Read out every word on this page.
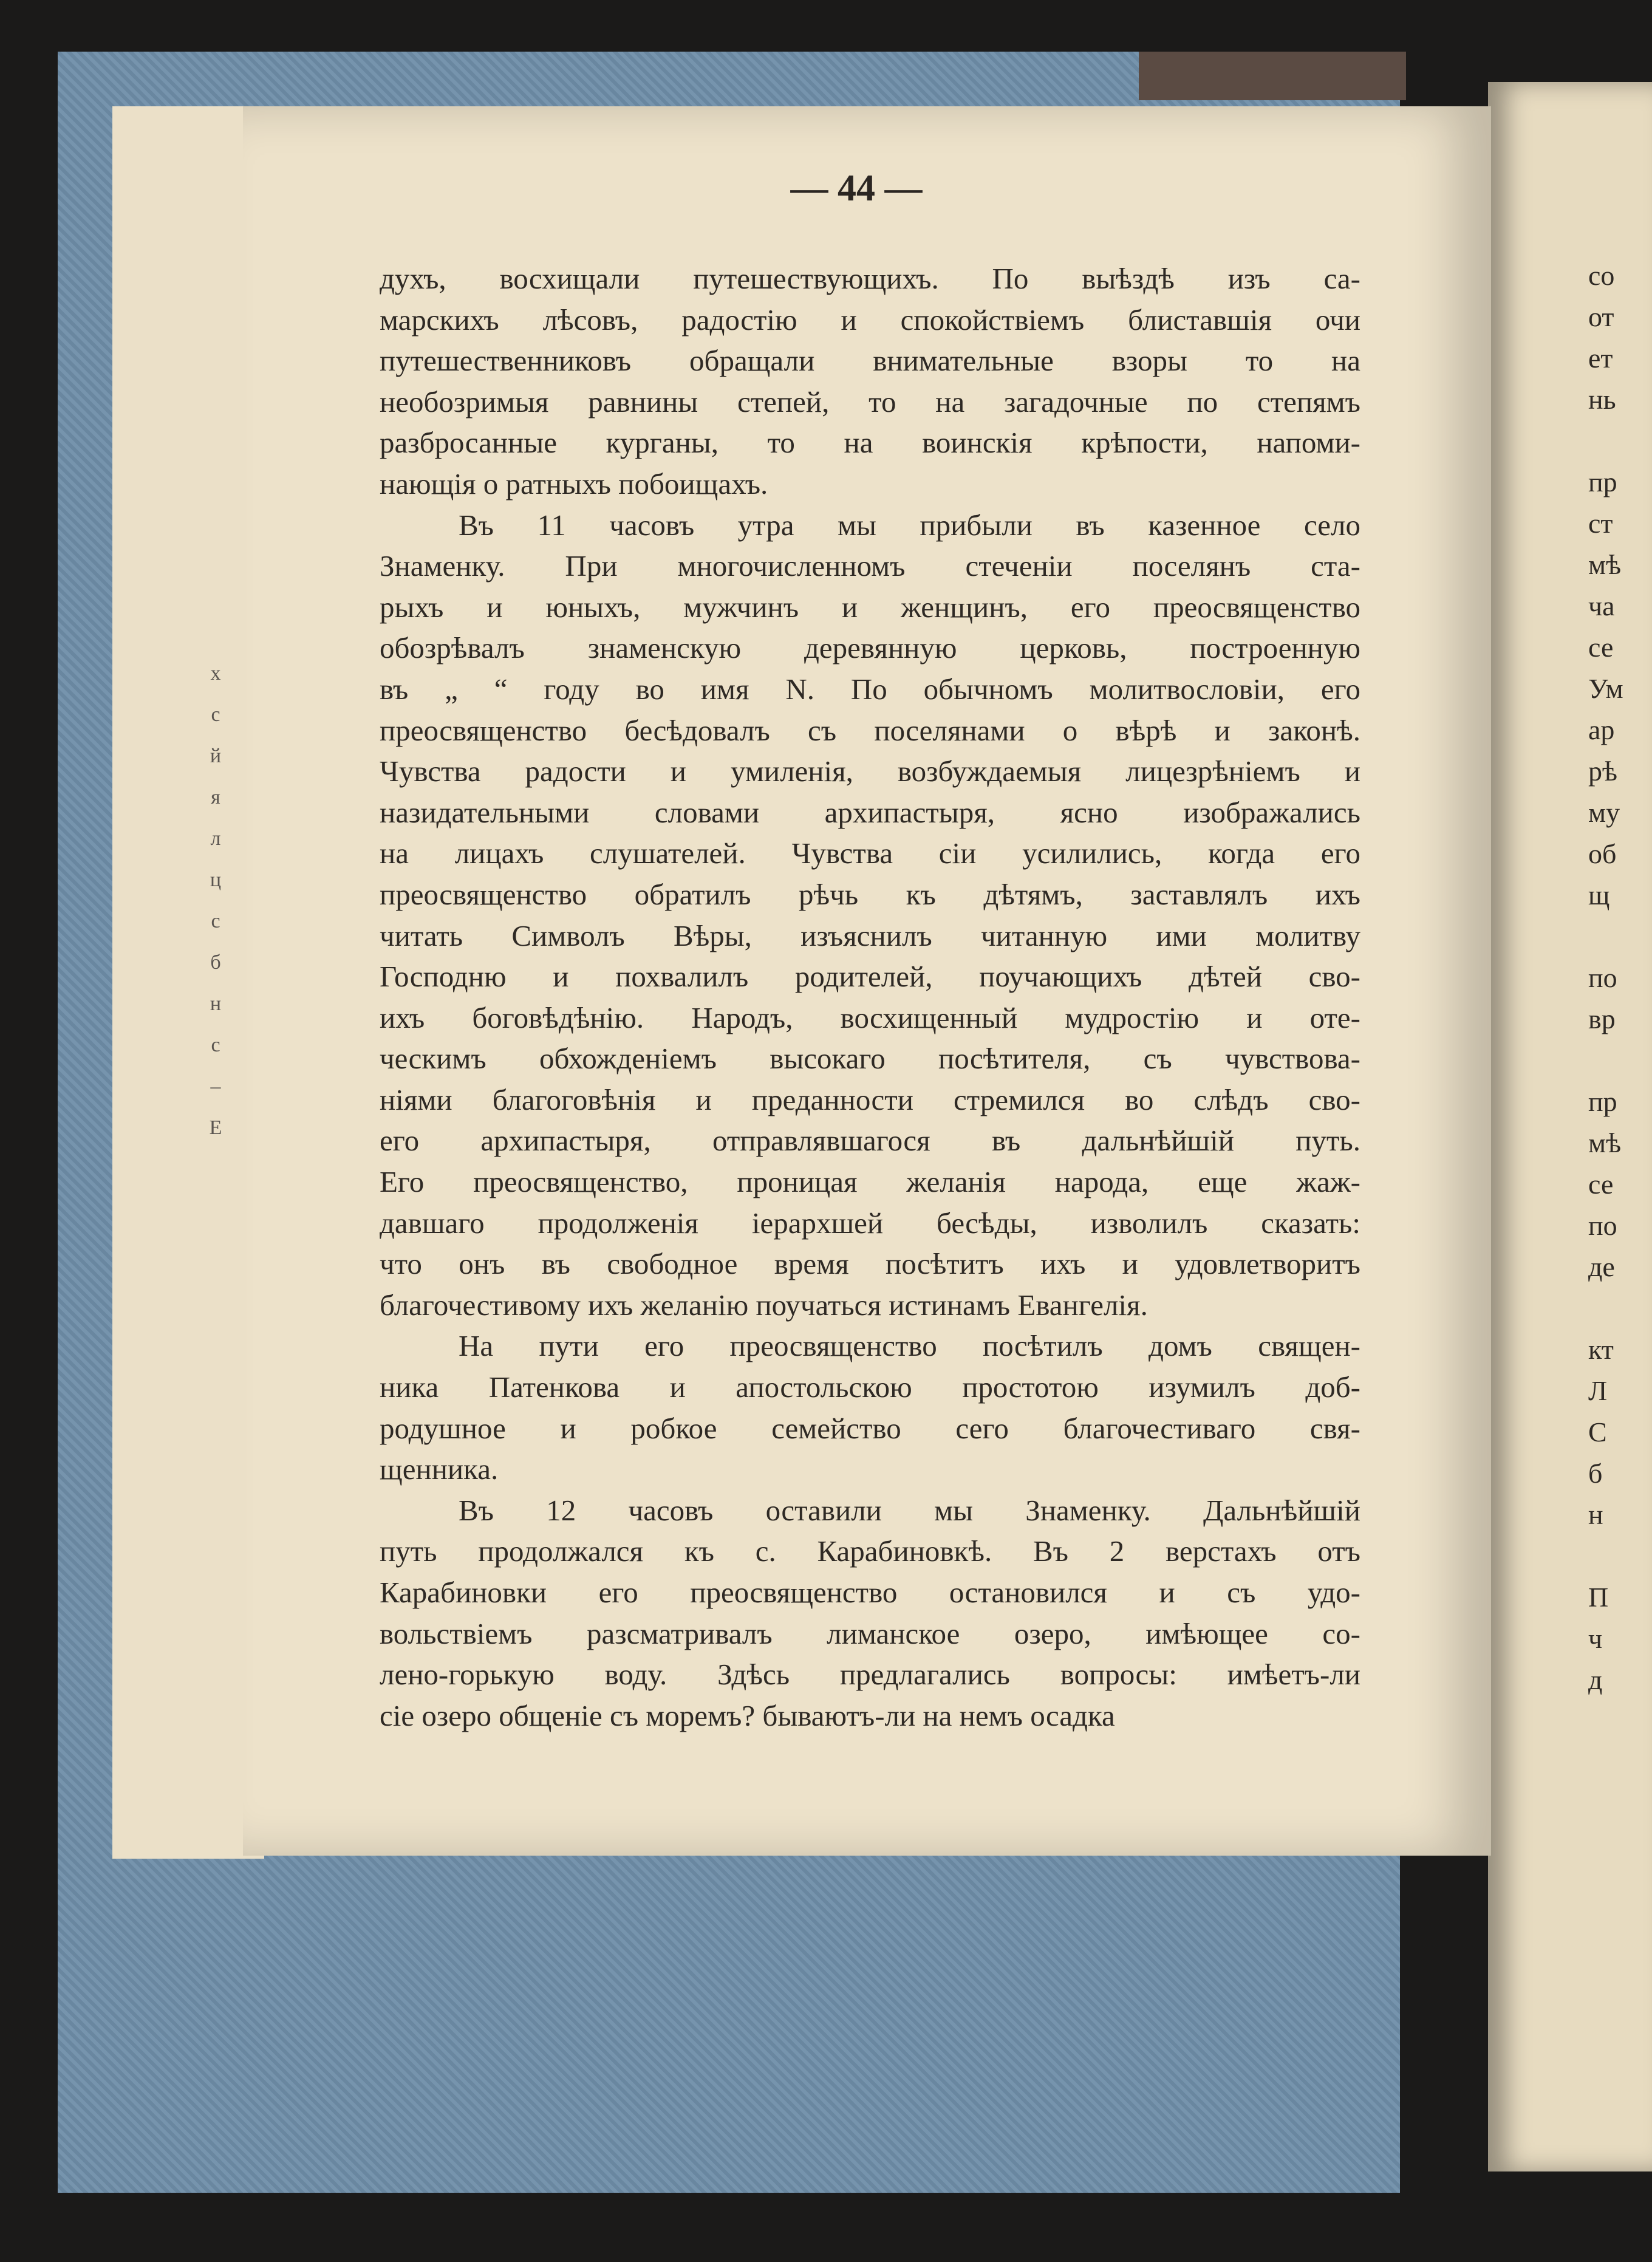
х
с
й
я
л
ц
с
б
н
с
–
Е
— 44 —
духъ, восхищали путешествующихъ. По выѣздѣ изъ са-
марскихъ лѣсовъ, радостію и спокойствіемъ блиставшія очи
путешественниковъ обращали внимательные взоры то на
необозримыя равнины степей, то на загадочные по степямъ
разбросанные курганы, то на воинскія крѣпости, напоми-
нающія о ратныхъ побоищахъ.
Въ 11 часовъ утра мы прибыли въ казенное село
Знаменку. При многочисленномъ стеченіи поселянъ ста-
рыхъ и юныхъ, мужчинъ и женщинъ, его преосвященство
обозрѣвалъ знаменскую деревянную церковь, построенную
въ „ “ году во имя N. По обычномъ молитвословіи, его
преосвященство бесѣдовалъ съ поселянами о вѣрѣ и законѣ.
Чувства радости и умиленія, возбуждаемыя лицезрѣніемъ и
назидательными словами архипастыря, ясно изображались
на лицахъ слушателей. Чувства сіи усилились, когда его
преосвященство обратилъ рѣчь къ дѣтямъ, заставлялъ ихъ
читать Символъ Вѣры, изъяснилъ читанную ими молитву
Господню и похвалилъ родителей, поучающихъ дѣтей сво-
ихъ боговѣдѣнію. Народъ, восхищенный мудростію и оте-
ческимъ обхожденіемъ высокаго посѣтителя, съ чувствова-
ніями благоговѣнія и преданности стремился во слѣдъ сво-
его архипастыря, отправлявшагося въ дальнѣйшій путь.
Его преосвященство, проницая желанія народа, еще жаж-
давшаго продолженія іерархшей бесѣды, изволилъ сказать:
что онъ въ свободное время посѣтитъ ихъ и удовлетворитъ
благочестивому ихъ желанію поучаться истинамъ Евангелія.
На пути его преосвященство посѣтилъ домъ священ-
ника Патенкова и апостольскою простотою изумилъ доб-
родушное и робкое семейство сего благочестиваго свя-
щенника.
Въ 12 часовъ оставили мы Знаменку. Дальнѣйшій
путь продолжался къ с. Карабиновкѣ. Въ 2 верстахъ отъ
Карабиновки его преосвященство остановился и съ удо-
вольствіемъ разсматривалъ лиманское озеро, имѣющее со-
лено-горькую воду. Здѣсь предлагались вопросы: имѣетъ-ли
сіе озеро общеніе съ моремъ? бываютъ-ли на немъ осадка
со
от
ет
нь
пр
ст
мѣ
ча
се
Ум
ар
рѣ
му
об
щ
по
вр
пр
мѣ
се
по
де
кт
Л
С
б
н
П
ч
д
